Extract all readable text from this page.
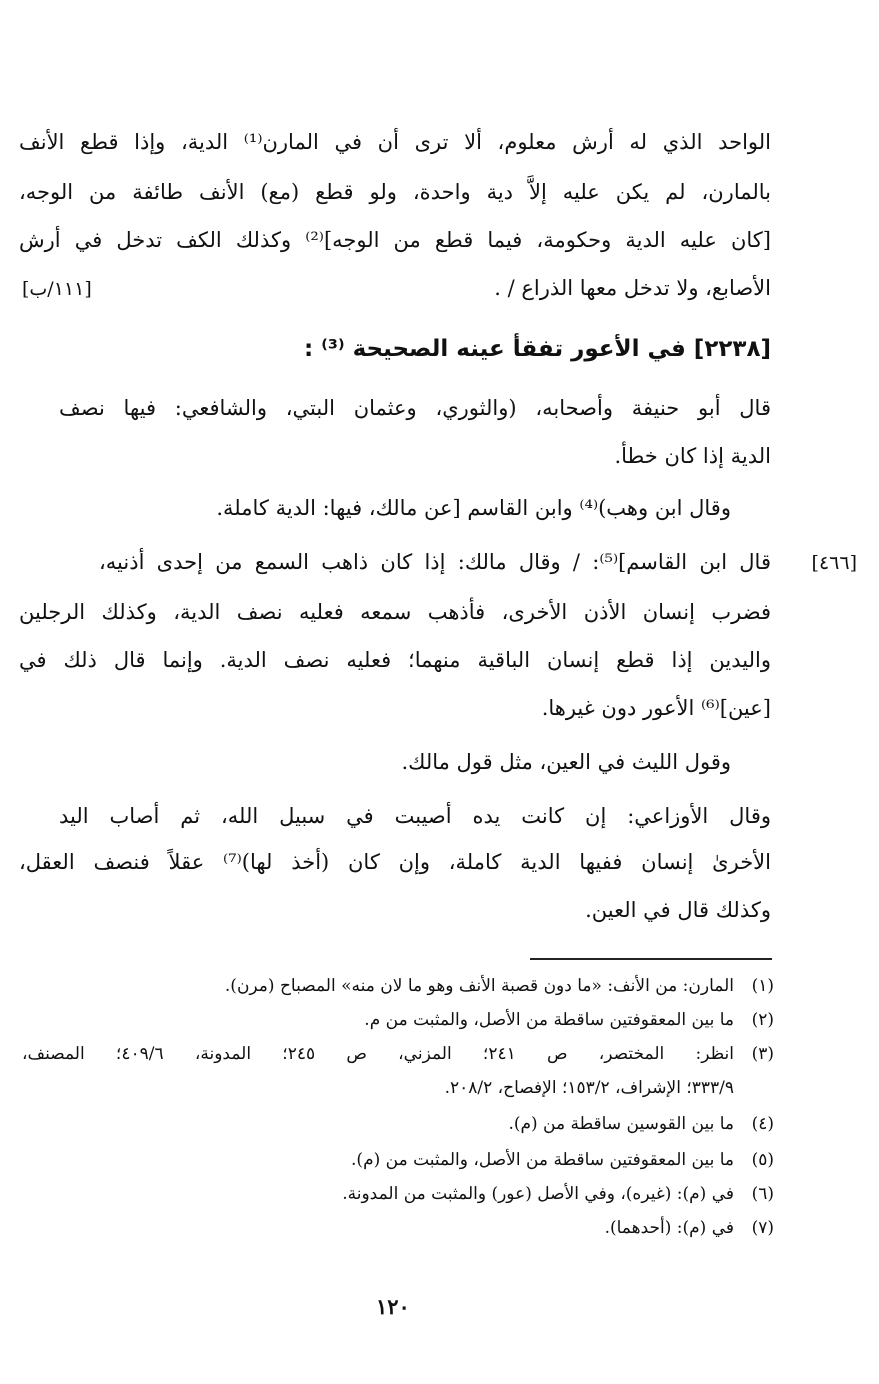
الواحد الذي له أرش معلوم، ألا ترى أن في المارن⁽¹⁾ الدية، وإذا قطع الأنف
بالمارن، لم يكن عليه إلاَّ دية واحدة، ولو قطع (مع) الأنف طائفة من الوجه،
[كان عليه الدية وحكومة، فيما قطع من الوجه]⁽²⁾ وكذلك الكف تدخل في أرش
الأصابع، ولا تدخل معها الذراع / .
[١١١/ب]
[٢٢٣٨] في الأعور تفقأ عينه الصحيحة ⁽³⁾ :
قال أبو حنيفة وأصحابه، (والثوري، وعثمان البتي، والشافعي: فيها نصف
الدية إذا كان خطأ.
وقال ابن وهب)⁽⁴⁾ وابن القاسم [عن مالك، فيها: الدية كاملة.
[٤٦٦]
قال ابن القاسم]⁽⁵⁾: / وقال مالك: إذا كان ذاهب السمع من إحدى أذنيه،
فضرب إنسان الأذن الأخرى، فأذهب سمعه فعليه نصف الدية، وكذلك الرجلين
واليدين إذا قطع إنسان الباقية منهما؛ فعليه نصف الدية. وإنما قال ذلك في
[عين]⁽⁶⁾ الأعور دون غيرها.
وقول الليث في العين، مثل قول مالك.
وقال الأوزاعي: إن كانت يده أصيبت في سبيل الله، ثم أصاب اليد
الأخرىٰ إنسان ففيها الدية كاملة، وإن كان (أخذ لها)⁽⁷⁾ عقلاً فنصف العقل،
وكذلك قال في العين.
(١)
المارن: من الأنف: «ما دون قصبة الأنف وهو ما لان منه» المصباح (مرن).
(٢)
ما بين المعقوفتين ساقطة من الأصل، والمثبت من م.
(٣)
انظر: المختصر، ص ٢٤١؛ المزني، ص ٢٤٥؛ المدونة، ٤٠٩/٦؛ المصنف،
٣٣٣/٩؛ الإشراف، ١٥٣/٢؛ الإفصاح، ٢٠٨/٢.
(٤)
ما بين القوسين ساقطة من (م).
(٥)
ما بين المعقوفتين ساقطة من الأصل، والمثبت من (م).
(٦)
في (م): (غيره)، وفي الأصل (عور) والمثبت من المدونة.
(٧)
في (م): (أحدهما).
١٢٠
